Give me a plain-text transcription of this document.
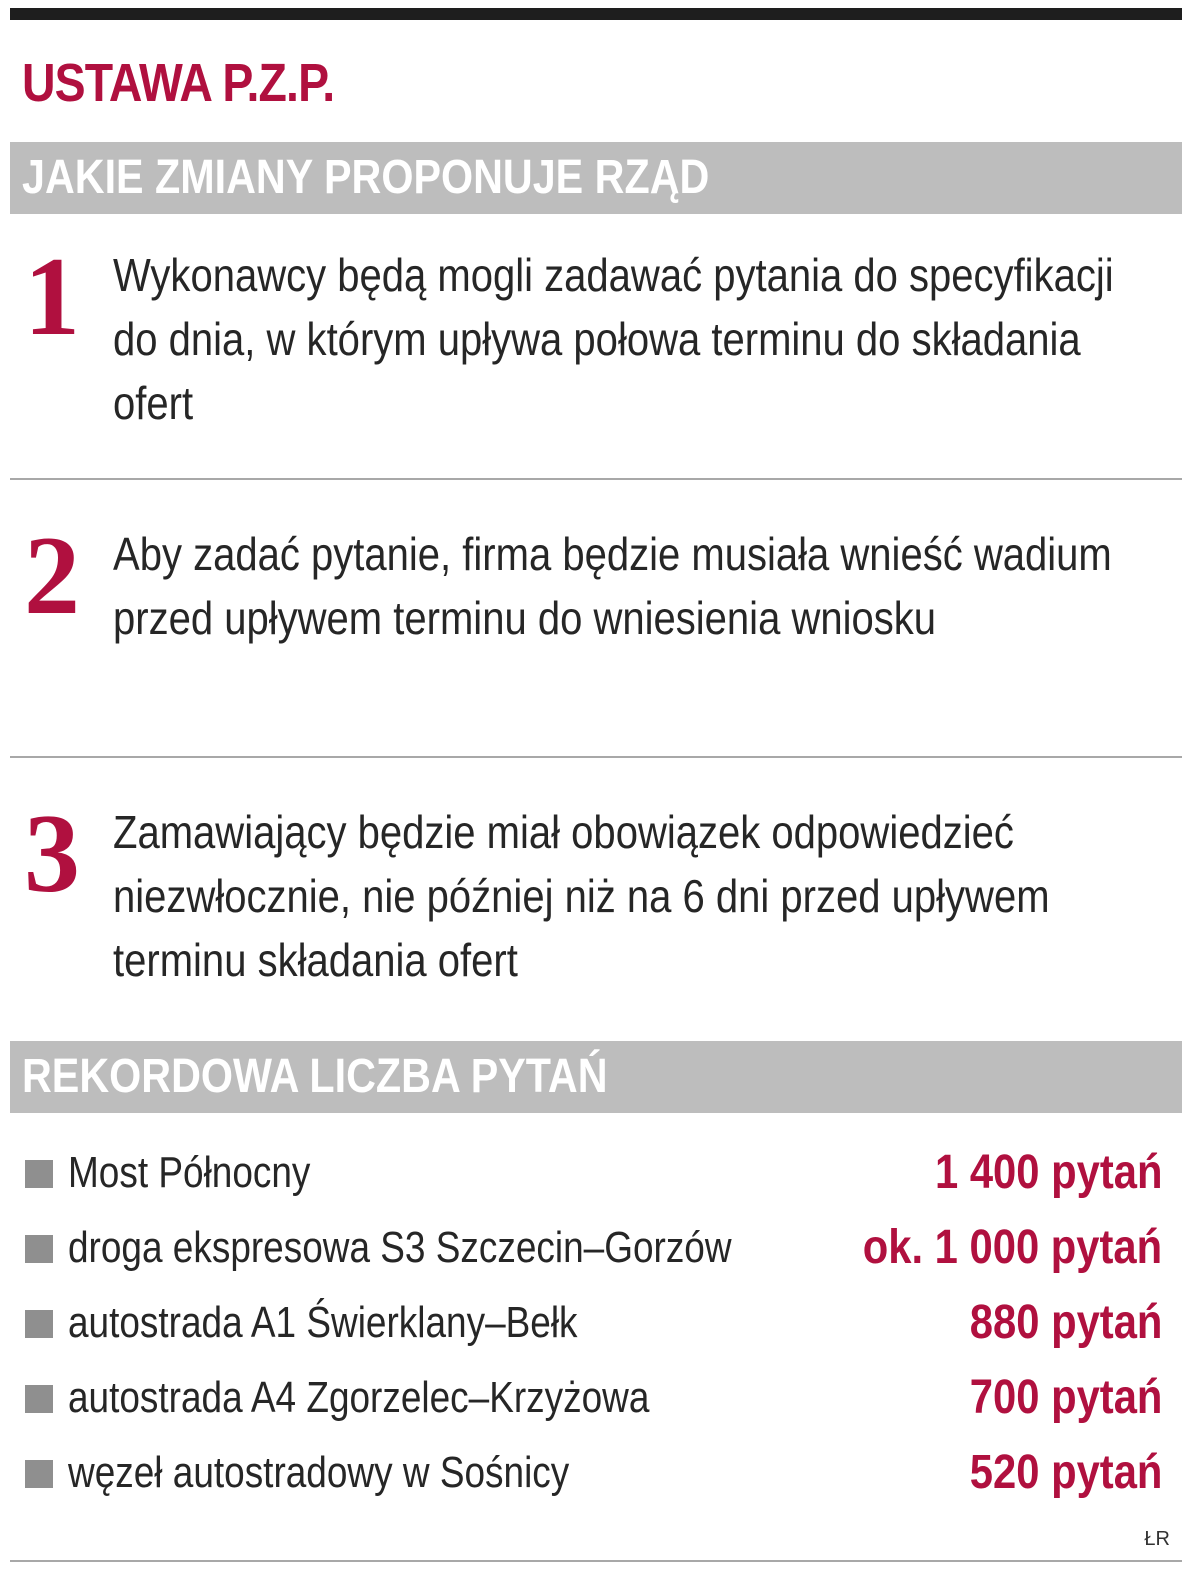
USTAWA P.Z.P.
JAKIE ZMIANY PROPONUJE RZĄD
1 Wykonawcy będą mogli zadawać pytania do specyfikacji do dnia, w którym upływa połowa terminu do składania ofert
2 Aby zadać pytanie, firma będzie musiała wnieść wadium przed upływem terminu do wniesienia wniosku
3 Zamawiający będzie miał obowiązek odpowiedzieć niezwłocznie, nie później niż na 6 dni przed upływem terminu składania ofert
REKORDOWA LICZBA PYTAŃ
Most Północny	1 400 pytań
droga ekspresowa S3 Szczecin–Gorzów	ok. 1 000 pytań
autostrada A1 Świerklany–Bełk	880 pytań
autostrada A4 Zgorzelec–Krzyżowa	700 pytań
węzeł autostradowy w Sośnicy	520 pytań
ŁR
